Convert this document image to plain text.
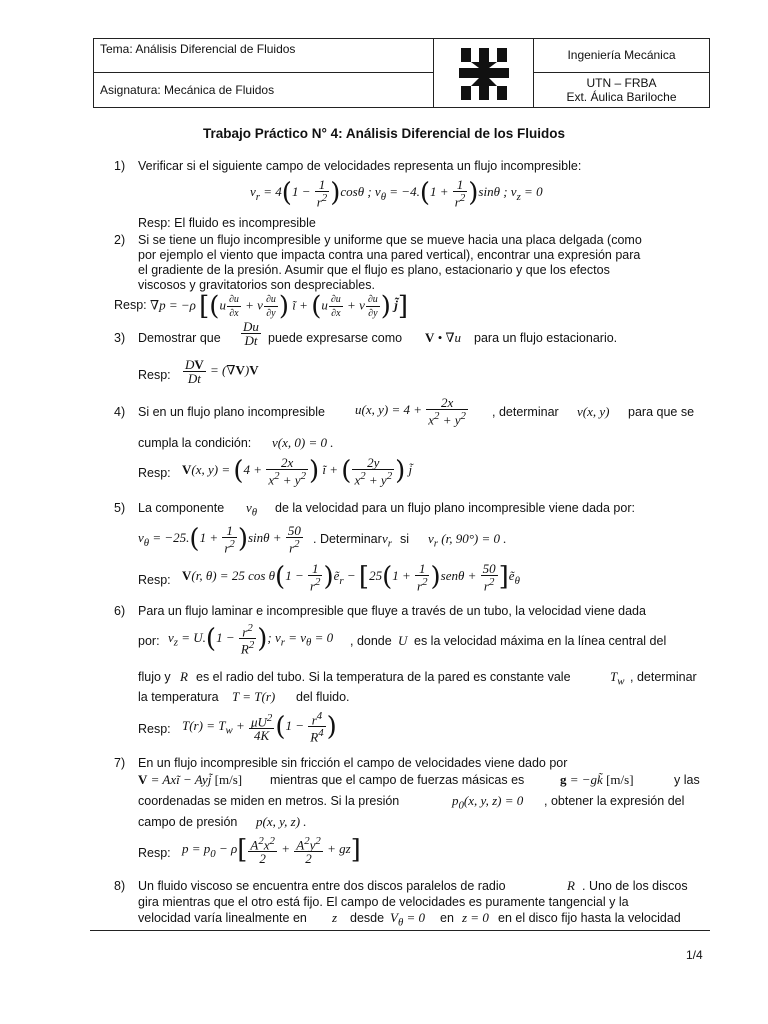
Tema: Análisis Diferencial de Fluidos
Asignatura: Mecánica de Fluidos
Ingeniería Mecánica
UTN – FRBA
Ext. Áulica Bariloche
Trabajo Práctico N° 4: Análisis Diferencial de los Fluidos
1) Verificar si el siguiente campo de velocidades representa un flujo incompresible:
$v_r = 4(1 - \frac{1}{r^2} )\cos\theta$ ; $v_\theta = -4.(1 + \frac{1}{r^2} )\sin\theta$ ; $v_z = 0$
Resp: El fluido es incompresible
2) Si se tiene un flujo incompresible y uniforme que se mueve hacia una placa delgada (como
por ejemplo el viento que impacta contra una pared vertical), encontrar una expresión para
el gradiente de la presión. Asumir que el flujo es plano, estacionario y que los efectos
viscosos y gravitatorios son despreciables.
Resp: ∇p = −ρ [($u \frac{\partial u}{\partial x} + v \frac{\partial u}{\partial y}$ ) ĩ + ($u \frac{\partial u}{\partial x} + v \frac{\partial u}{\partial y}$ ) j̃]
3) Demostrar que $\frac{Du}{Dt}$ puede expresarse como V • ∇u para un flujo estacionario.
Resp: $\frac{DV}{Dt} = (\nabla V)V$
4) Si en un flujo plano incompresible u(x, $y) = 4 + \frac{2x}{x^2 + y^2}$ , determinar v(x, y) para que se
cumpla la condición: v(x, 0) = 0 .
Resp: V(x, $y) = (4 + \frac{2x}{x^2 + y^2}$ ) ĩ + ( $\frac{2y}{x^2 + y^2}$ ) j̃
5) La componente $v_\theta$ de la velocidad para un flujo plano incompresible viene dada por:
$v_\theta = -25.(1 + \frac{1}{r^2} )\sin\theta + \frac{50}{r^2}$ . Determinar $v_r$ si $v_r$ (r, 90°) = 0 .
Resp: V(r, θ) = 25 $\cos \theta(1 - \frac{1}{r^2}$ )ẽ$_r$ − [$25(1 + \frac{1}{r^2} )sen\theta + \frac{50}{r^2}$ ]ẽ$_\theta$
6) Para un flujo laminar e incompresible que fluye a través de un tubo, la velocidad viene dada
por: $v_z = U.(1 - \frac{r^2}{R^2}$ ); $v_r = v_\theta = 0$ , donde U es la velocidad máxima en la línea central del
flujo y R es el radio del tubo. Si la temperatura de la pared es constante vale	$T_w$ , determinar
la temperatura T = T(r) del fluido.
Resp: $T(r) = T_w + \frac{\mu U^2}{4K} (1 - \frac{r^4}{R^4}$ )
7) En un flujo incompresible sin fricción el campo de velocidades viene dado por
V = Axĩ − Ayj̃ [m/s] mientras que el campo de fuerzas másicas es	g = −gk̃ [m/s]	y las
coordenadas se miden en metros. Si la presión	$p_0(x$, y, z) = 0 , obtener la expresión del
campo de presión p(x, y, z) .
Resp: $p = p_0 - \rho[ \frac{A^2x^2}{2} + \frac{A^2y^2}{2} + gz]$
8) Un fluido viscoso se encuentra entre dos discos paralelos de radio	R . Uno de los discos
gira mientras que el otro está fijo. El campo de velocidades es puramente tangencial y la
velocidad varía linealmente en z desde $V_\theta = 0$ en z = 0 en el disco fijo hasta la velocidad
1/4
